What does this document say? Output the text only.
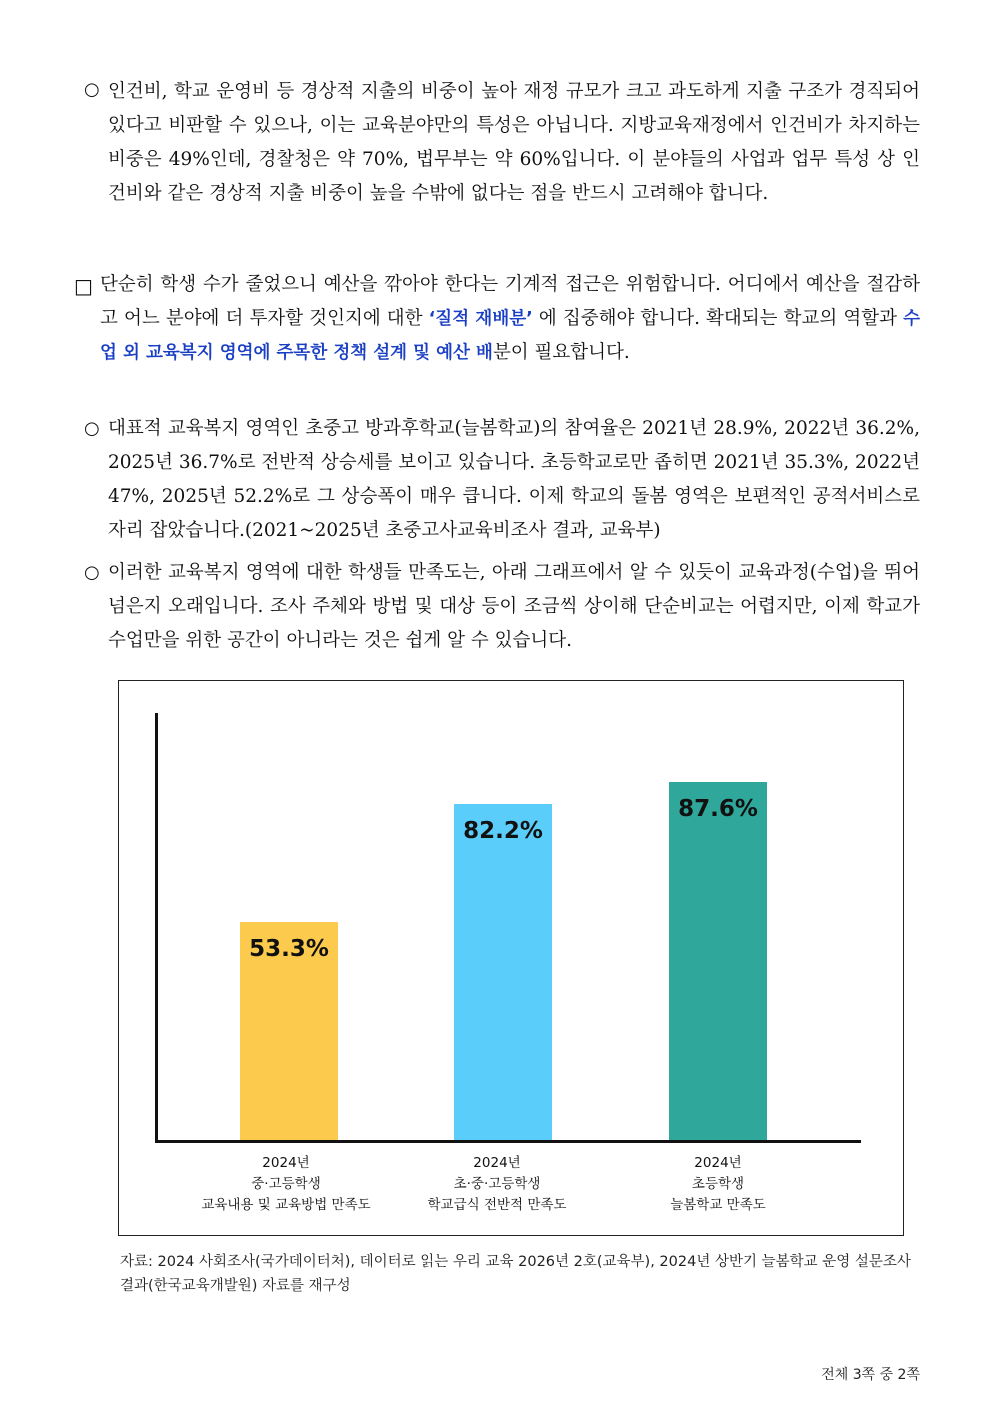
○ 인건비, 학교 운영비 등 경상적 지출의 비중이 높아 재정 규모가 크고 과도하게 지출 구조가 경직되어 있다고 비판할 수 있으나, 이는 교육분야만의 특성은 아닙니다. 지방교육재정에서 인건비가 차지하는 비중은 49%인데, 경찰청은 약 70%, 법무부는 약 60%입니다. 이 분야들의 사업과 업무 특성 상 인건비와 같은 경상적 지출 비중이 높을 수밖에 없다는 점을 반드시 고려해야 합니다.
□ 단순히 학생 수가 줄었으니 예산을 깎아야 한다는 기계적 접근은 위험합니다. 어디에서 예산을 절감하고 어느 분야에 더 투자할 것인지에 대한 ‘질적 재배분’ 에 집중해야 합니다. 확대되는 학교의 역할과 수업 외 교육복지 영역에 주목한 정책 설계 및 예산 배분이 필요합니다.
○ 대표적 교육복지 영역인 초중고 방과후학교(늘봄학교)의 참여율은 2021년 28.9%, 2022년 36.2%, 2025년 36.7%로 전반적 상승세를 보이고 있습니다. 초등학교로만 좁히면 2021년 35.3%, 2022년 47%, 2025년 52.2%로 그 상승폭이 매우 큽니다. 이제 학교의 돌봄 영역은 보편적인 공적서비스로 자리 잡았습니다.(2021~2025년 초중고사교육비조사 결과, 교육부)
○ 이러한 교육복지 영역에 대한 학생들 만족도는, 아래 그래프에서 알 수 있듯이 교육과정(수업)을 뛰어넘은지 오래입니다. 조사 주체와 방법 및 대상 등이 조금씩 상이해 단순비교는 어렵지만, 이제 학교가 수업만을 위한 공간이 아니라는 것은 쉽게 알 수 있습니다.
53.3%
82.2%
87.6%
2024년
중·고등학생
교육내용 및 교육방법 만족도
2024년
초·중·고등학생
학교급식 전반적 만족도
2024년
초등학생
늘봄학교 만족도
자료: 2024 사회조사(국가데이터처), 데이터로 읽는 우리 교육 2026년 2호(교육부), 2024년 상반기 늘봄학교 운영 설문조사 결과(한국교육개발원) 자료를 재구성
전체 3쪽 중 2쪽
